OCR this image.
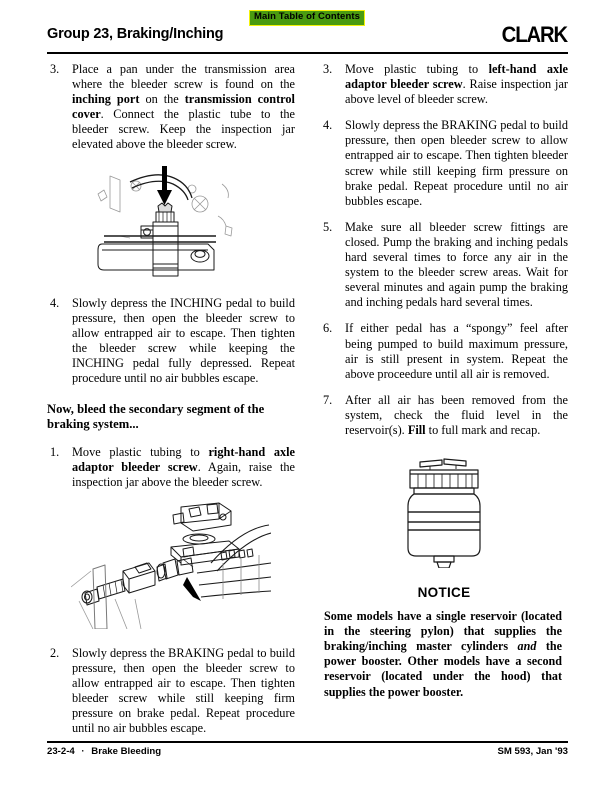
Main Table of Contents
Group 23, Braking/Inching	CLARK
3.	Place a pan under the transmission area where the bleeder screw is found on the inching port on the transmission control cover. Connect the plastic tube to the bleeder screw. Keep the inspection jar elevated above the bleeder screw.

4.	Slowly depress the INCHING pedal to build pressure, then open the bleeder screw to allow entrapped air to escape. Then tighten the bleeder screw while keeping the INCHING pedal fully depressed. Repeat procedure until no air bubbles escape.

Now, bleed the secondary segment of the braking system...
1.	Move plastic tubing to right-hand axle adaptor bleeder screw. Again, raise the inspection jar above the bleeder screw.

2.	Slowly depress the BRAKING pedal to build pressure, then open the bleeder screw to allow entrapped air to escape. Then tighten bleeder screw while still keeping firm pressure on brake pedal. Repeat procedure until no air bubbles escape.

3.	Move plastic tubing to left-hand axle adaptor bleeder screw. Raise inspection jar above level of bleeder screw.

4.	Slowly depress the BRAKING pedal to build pressure, then open bleeder screw to allow entrapped air to escape. Then tighten bleeder screw while still keeping firm pressure on brake pedal. Repeat procedure until no air bubbles escape.

5.	Make sure all bleeder screw fittings are closed. Pump the braking and inching pedals hard several times to force any air in the system to the bleeder screw areas. Wait for several minutes and again pump the braking and inching pedals hard several times.

6.	If either pedal has a “spongy” feel after being pumped to build maximum pressure, air is still present in system. Repeat the above proceedure until all air is removed.

7.	After all air has been removed from the system, check the fluid level in the reservoir(s). Fill to full mark and recap.

NOTICE
Some models have a single reservoir (located in the steering pylon) that supplies the braking/inching master cylinders and the power booster. Other models have a second reservoir (located under the hood) that supplies the power booster.
23-2-4 · Brake Bleeding	SM 593, Jan '93
